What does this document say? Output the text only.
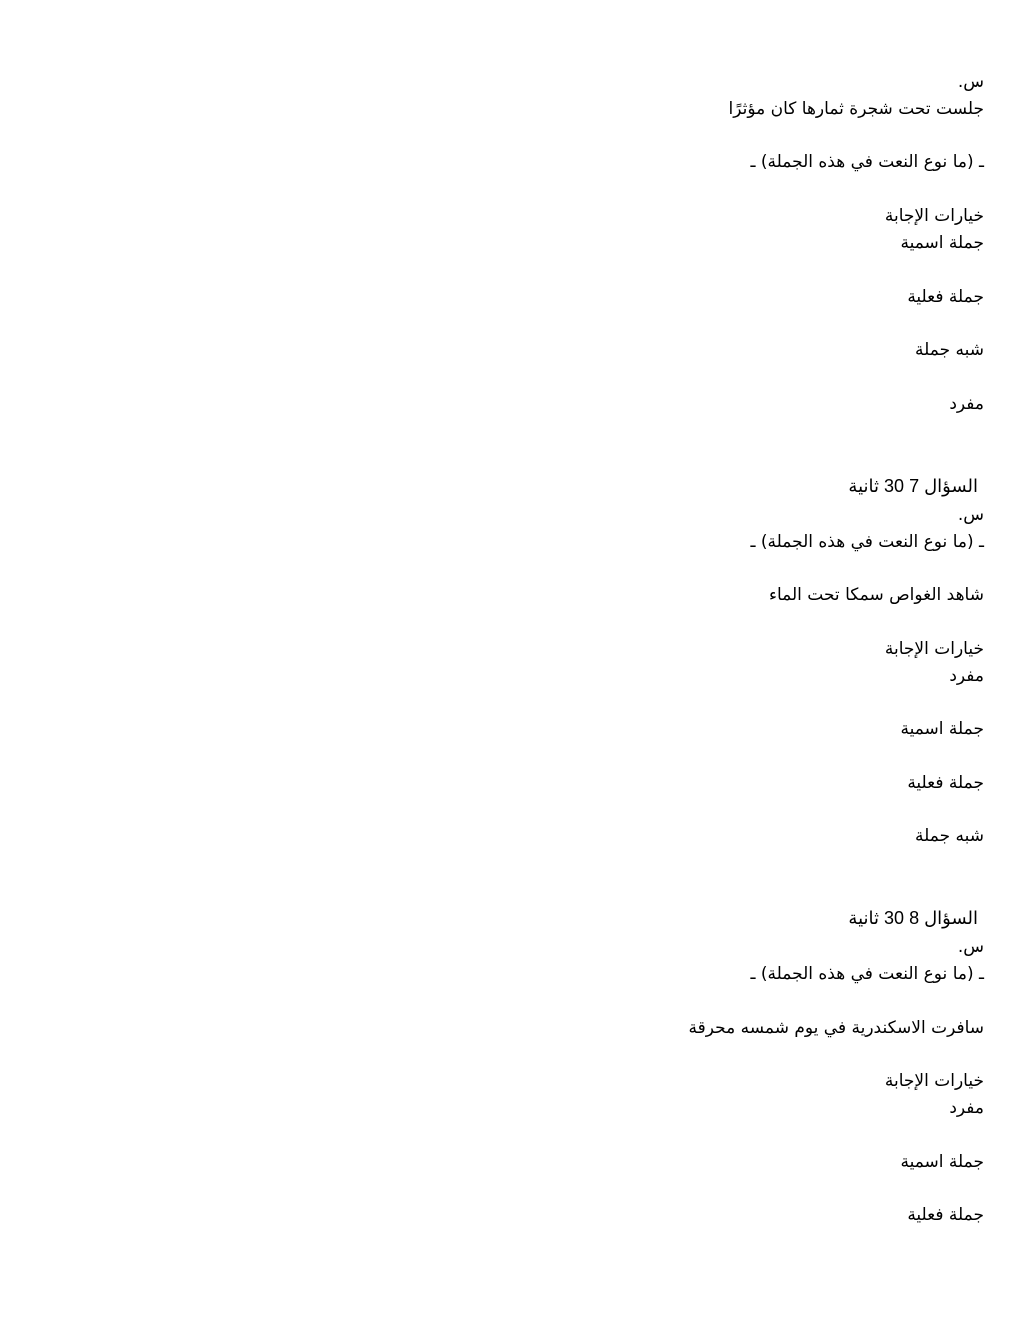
س.
جلست تحت شجرة ثمارها كان مؤثرًا
ـ (ما نوع النعت في هذه الجملة) ـ
خيارات الإجابة
جملة اسمية
جملة فعلية
شبه جملة
مفرد
السؤال 7 30 ثانية
س.
ـ (ما نوع النعت في هذه الجملة) ـ
شاهد الغواص سمكا تحت الماء
خيارات الإجابة
مفرد
جملة اسمية
جملة فعلية
شبه جملة
السؤال 8 30 ثانية
س.
ـ (ما نوع النعت في هذه الجملة) ـ
سافرت الاسكندرية في يوم شمسه محرقة
خيارات الإجابة
مفرد
جملة اسمية
جملة فعلية
